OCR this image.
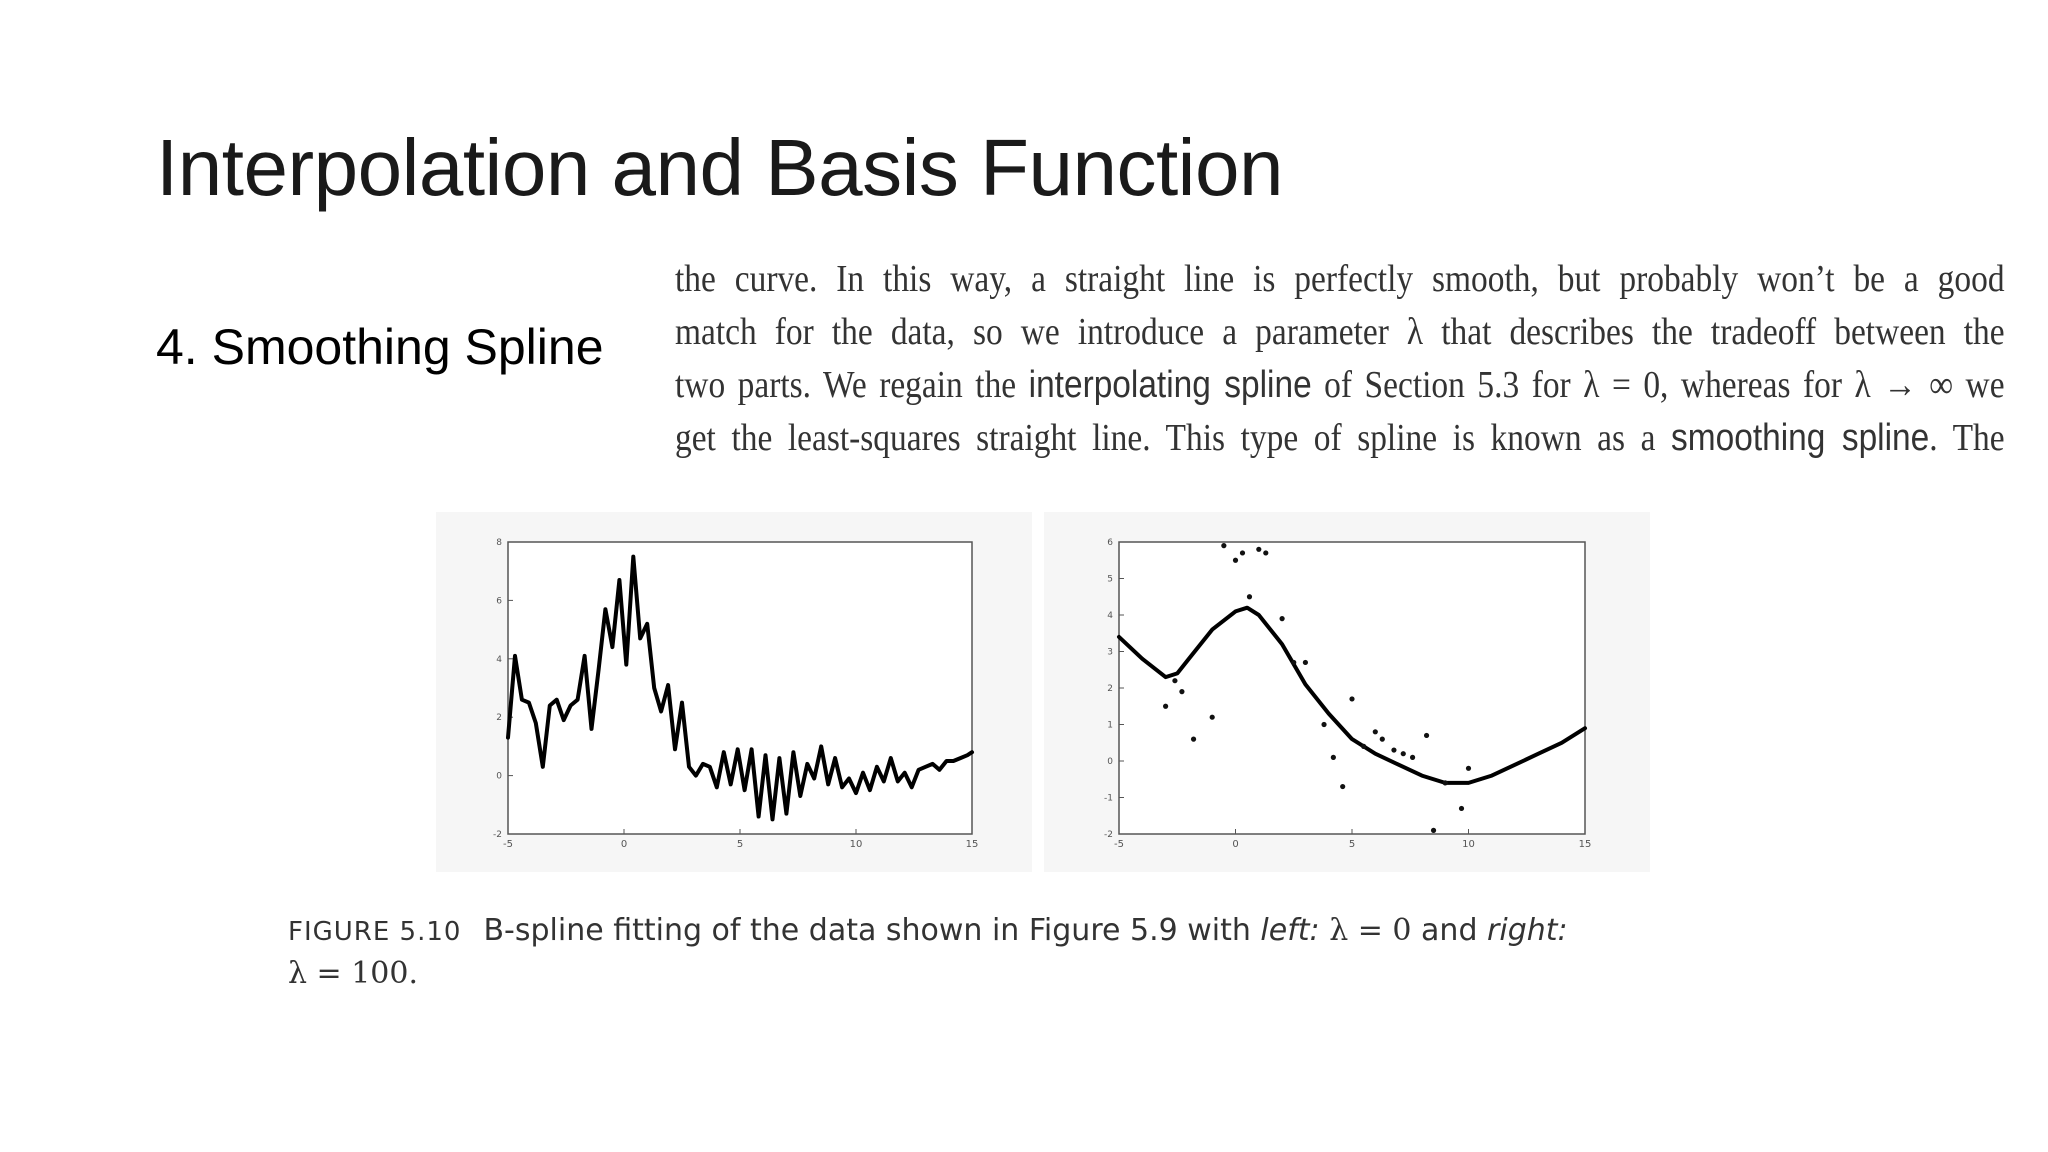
Interpolation and Basis Function

4. Smoothing Spline

the curve. In this way, a straight line is perfectly smooth, but probably won’t be a good
match for the data, so we introduce a parameter λ that describes the tradeoff between the
two parts. We regain the interpolating spline of Section 5.3 for λ = 0, whereas for λ → ∞ we
get the least-squares straight line. This type of spline is known as a smoothing spline. The
-5	0	5	10	15
-2
0
2
4
6
8
-5	0	5	10	15
-2
-1
0
1
2
3
4
5
6
FIGURE 5.10 B-spline fitting of the data shown in Figure 5.9 with left: λ = 0 and right:
λ = 100.
